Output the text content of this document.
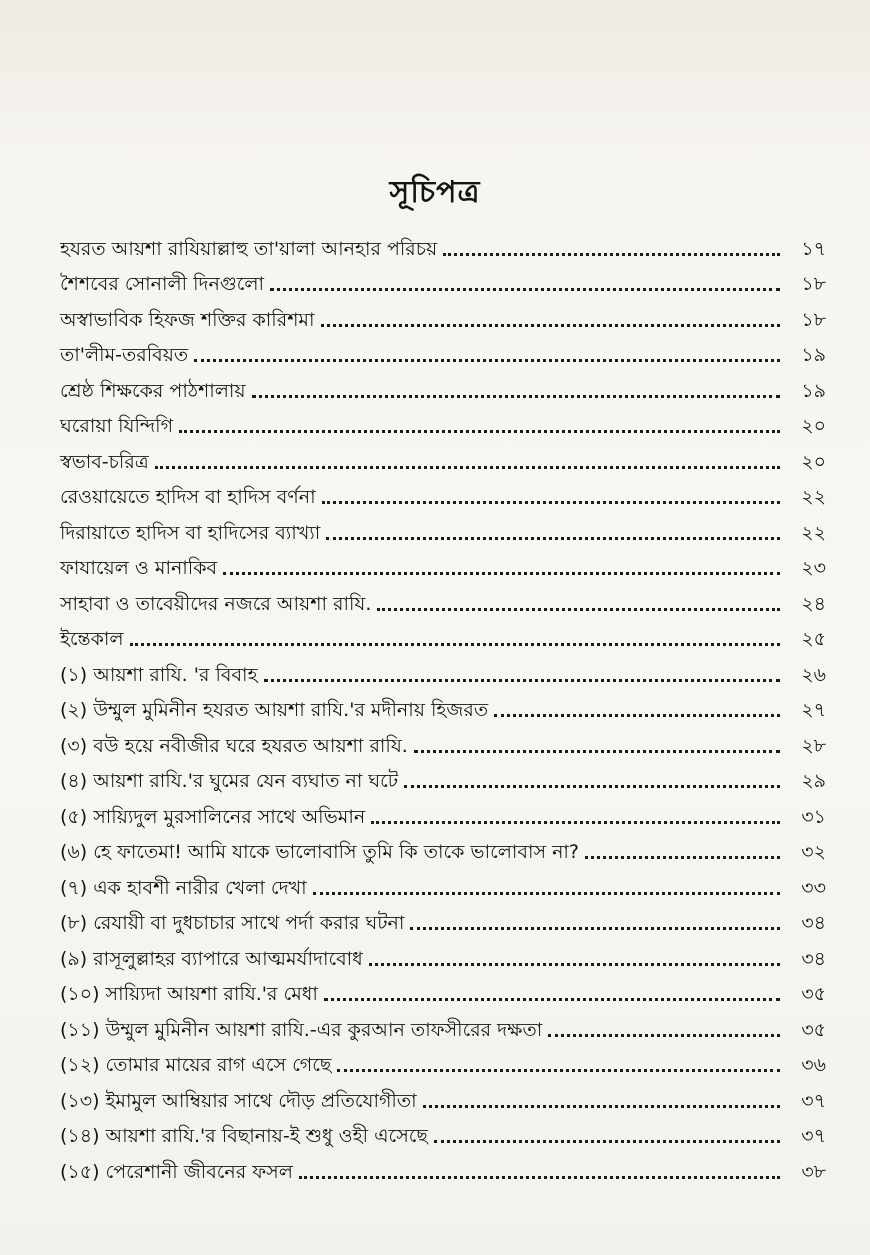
সূচিপত্র
হযরত আয়শা রাযিয়াল্লাহু তা'য়ালা আনহার পরিচয়	১৭
শৈশবের সোনালী দিনগুলো	১৮
অস্বাভাবিক হিফজ শক্তির কারিশমা	১৮
তা'লীম-তরবিয়ত	১৯
শ্রেষ্ঠ শিক্ষকের পাঠশালায়	১৯
ঘরোয়া যিন্দিগি	২০
স্বভাব-চরিত্র	২০
রেওয়ায়েতে হাদিস বা হাদিস বর্ণনা	২২
দিরায়াতে হাদিস বা হাদিসের ব্যাখ্যা	২২
ফাযায়েল ও মানাকিব	২৩
সাহাবা ও তাবেয়ীদের নজরে আয়শা রাযি.	২৪
ইন্তেকাল	২৫
(১) আয়শা রাযি. 'র বিবাহ	২৬
(২) উম্মুল মুমিনীন হযরত আয়শা রাযি.'র মদীনায় হিজরত	২৭
(৩) বউ হয়ে নবীজীর ঘরে হযরত আয়শা রাযি.	২৮
(৪) আয়শা রাযি.'র ঘুমের যেন ব্যঘাত না ঘটে	২৯
(৫) সায়্যিদুল মুরসালিনের সাথে অভিমান	৩১
(৬) হে ফাতেমা! আমি যাকে ভালোবাসি তুমি কি তাকে ভালোবাস না?	৩২
(৭) এক হাবশী নারীর খেলা দেখা	৩৩
(৮) রেযায়ী বা দুধচাচার সাথে পর্দা করার ঘটনা	৩৪
(৯) রাসূলুল্লাহর ব্যাপারে আত্মমর্যাদাবোধ	৩৪
(১০) সায়্যিদা আয়শা রাযি.'র মেধা	৩৫
(১১) উম্মুল মুমিনীন আয়শা রাযি.-এর কুরআন তাফসীরের দক্ষতা	৩৫
(১২) তোমার মায়ের রাগ এসে গেছে	৩৬
(১৩) ইমামুল আম্বিয়ার সাথে দৌড় প্রতিযোগীতা	৩৭
(১৪) আয়শা রাযি.'র বিছানায়-ই শুধু ওহী এসেছে	৩৭
(১৫) পেরেশানী জীবনের ফসল	৩৮
